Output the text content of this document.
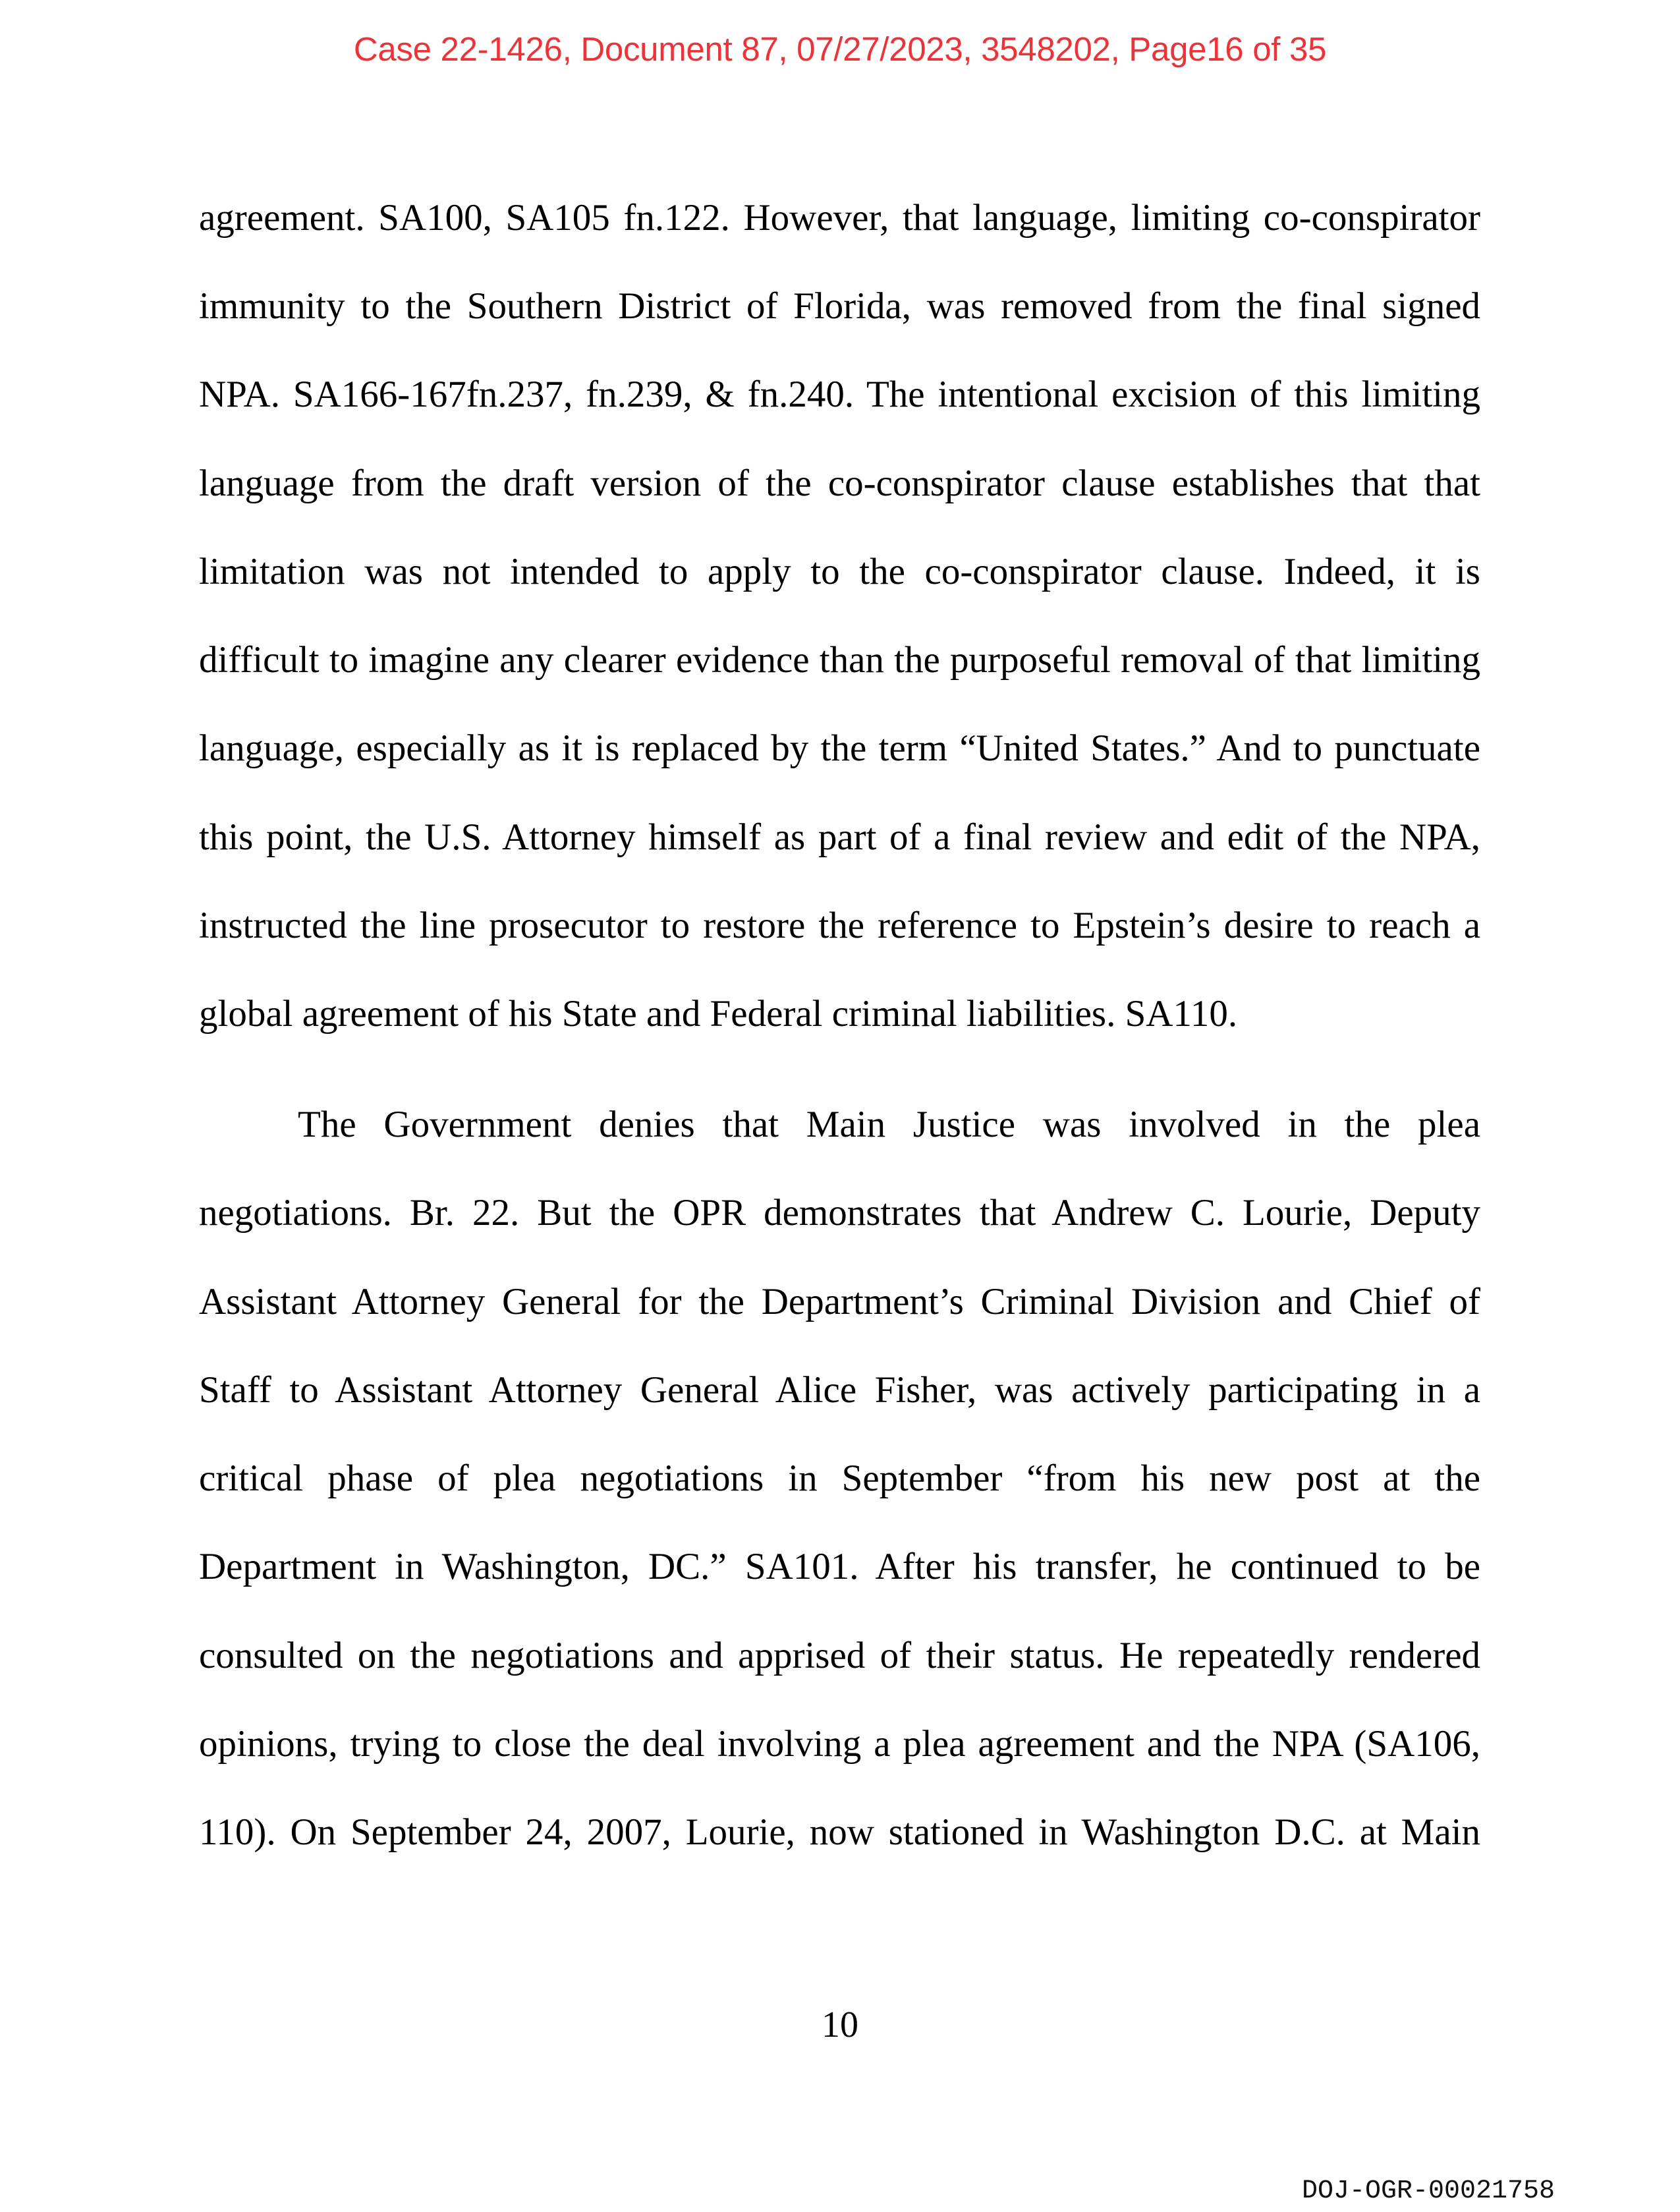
Case 22-1426, Document 87, 07/27/2023, 3548202, Page16 of 35
agreement. SA100, SA105 fn.122. However, that language, limiting co-conspirator
immunity to the Southern District of Florida, was removed from the final signed
NPA. SA166-167fn.237, fn.239, & fn.240. The intentional excision of this limiting
language from the draft version of the co-conspirator clause establishes that that
limitation was not intended to apply to the co-conspirator clause. Indeed, it is
difficult to imagine any clearer evidence than the purposeful removal of that limiting
language, especially as it is replaced by the term “United States.” And to punctuate
this point, the U.S. Attorney himself as part of a final review and edit of the NPA,
instructed the line prosecutor to restore the reference to Epstein’s desire to reach a
global agreement of his State and Federal criminal liabilities. SA110.
The Government denies that Main Justice was involved in the plea
negotiations. Br. 22. But the OPR demonstrates that Andrew C. Lourie, Deputy
Assistant Attorney General for the Department’s Criminal Division and Chief of
Staff to Assistant Attorney General Alice Fisher, was actively participating in a
critical phase of plea negotiations in September “from his new post at the
Department in Washington, DC.” SA101. After his transfer, he continued to be
consulted on the negotiations and apprised of their status. He repeatedly rendered
opinions, trying to close the deal involving a plea agreement and the NPA (SA106,
110). On September 24, 2007, Lourie, now stationed in Washington D.C. at Main
10
DOJ-OGR-00021758
